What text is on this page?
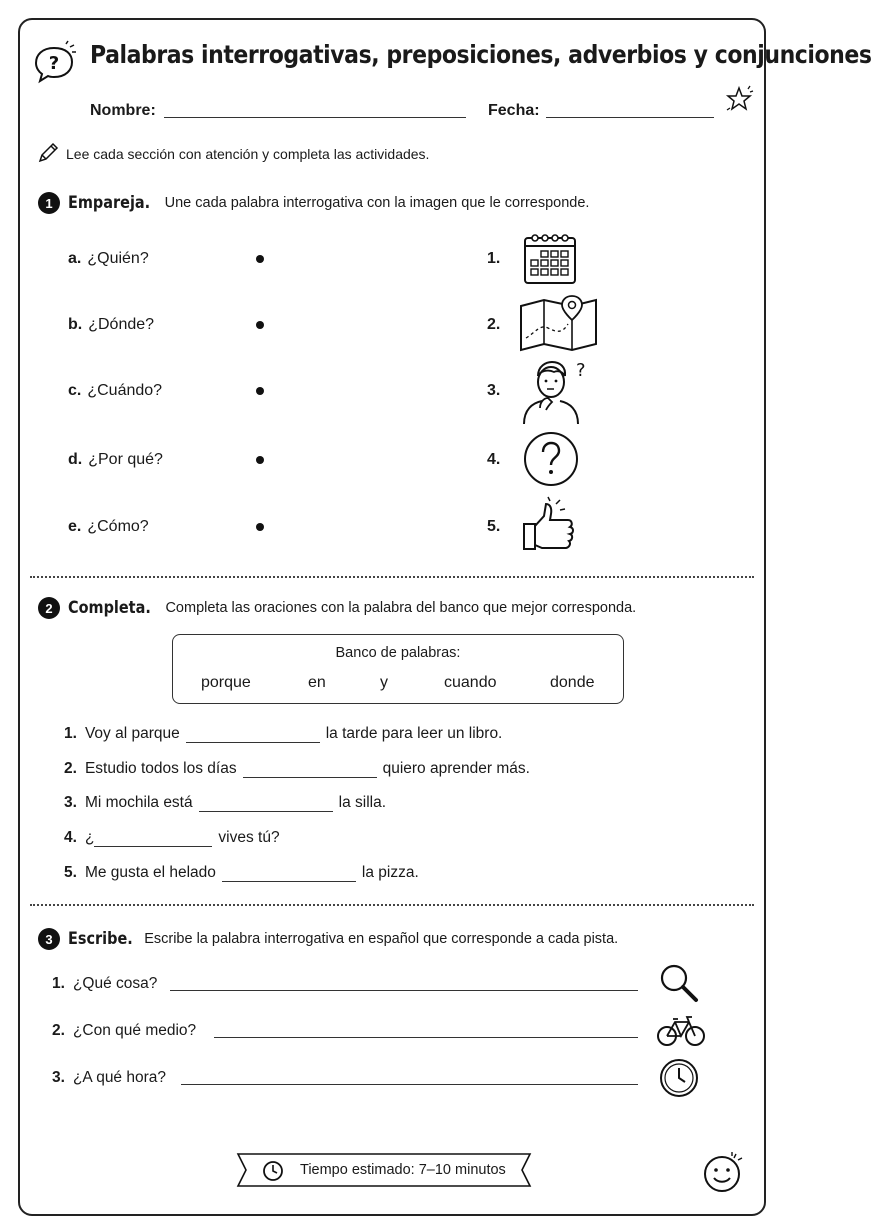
? Palabras interrogativas, preposiciones, adverbios y conjunciones
Nombre:	Fecha:
Lee cada sección con atención y completa las actividades.
1 Empareja. Une cada palabra interrogativa con la imagen que le corresponde.
a. ¿Quién?
b. ¿Dónde?
c. ¿Cuándo?
d. ¿Por qué?
e. ¿Cómo?
1.
2.
3.
4.
5.
?
2 Completa. Completa las oraciones con la palabra del banco que mejor corresponda.
Banco de palabras:
porque	en	y	cuando	donde
1. Voy al parque	la tarde para leer un libro.
2. Estudio todos los días	quiero aprender más.
3. Mi mochila está	la silla.
4. ¿	vives tú?
5. Me gusta el helado	la pizza.
3 Escribe. Escribe la palabra interrogativa en español que corresponde a cada pista.
1. ¿Qué cosa?
2. ¿Con qué medio?
3. ¿A qué hora?
Tiempo estimado: 7–10 minutos
